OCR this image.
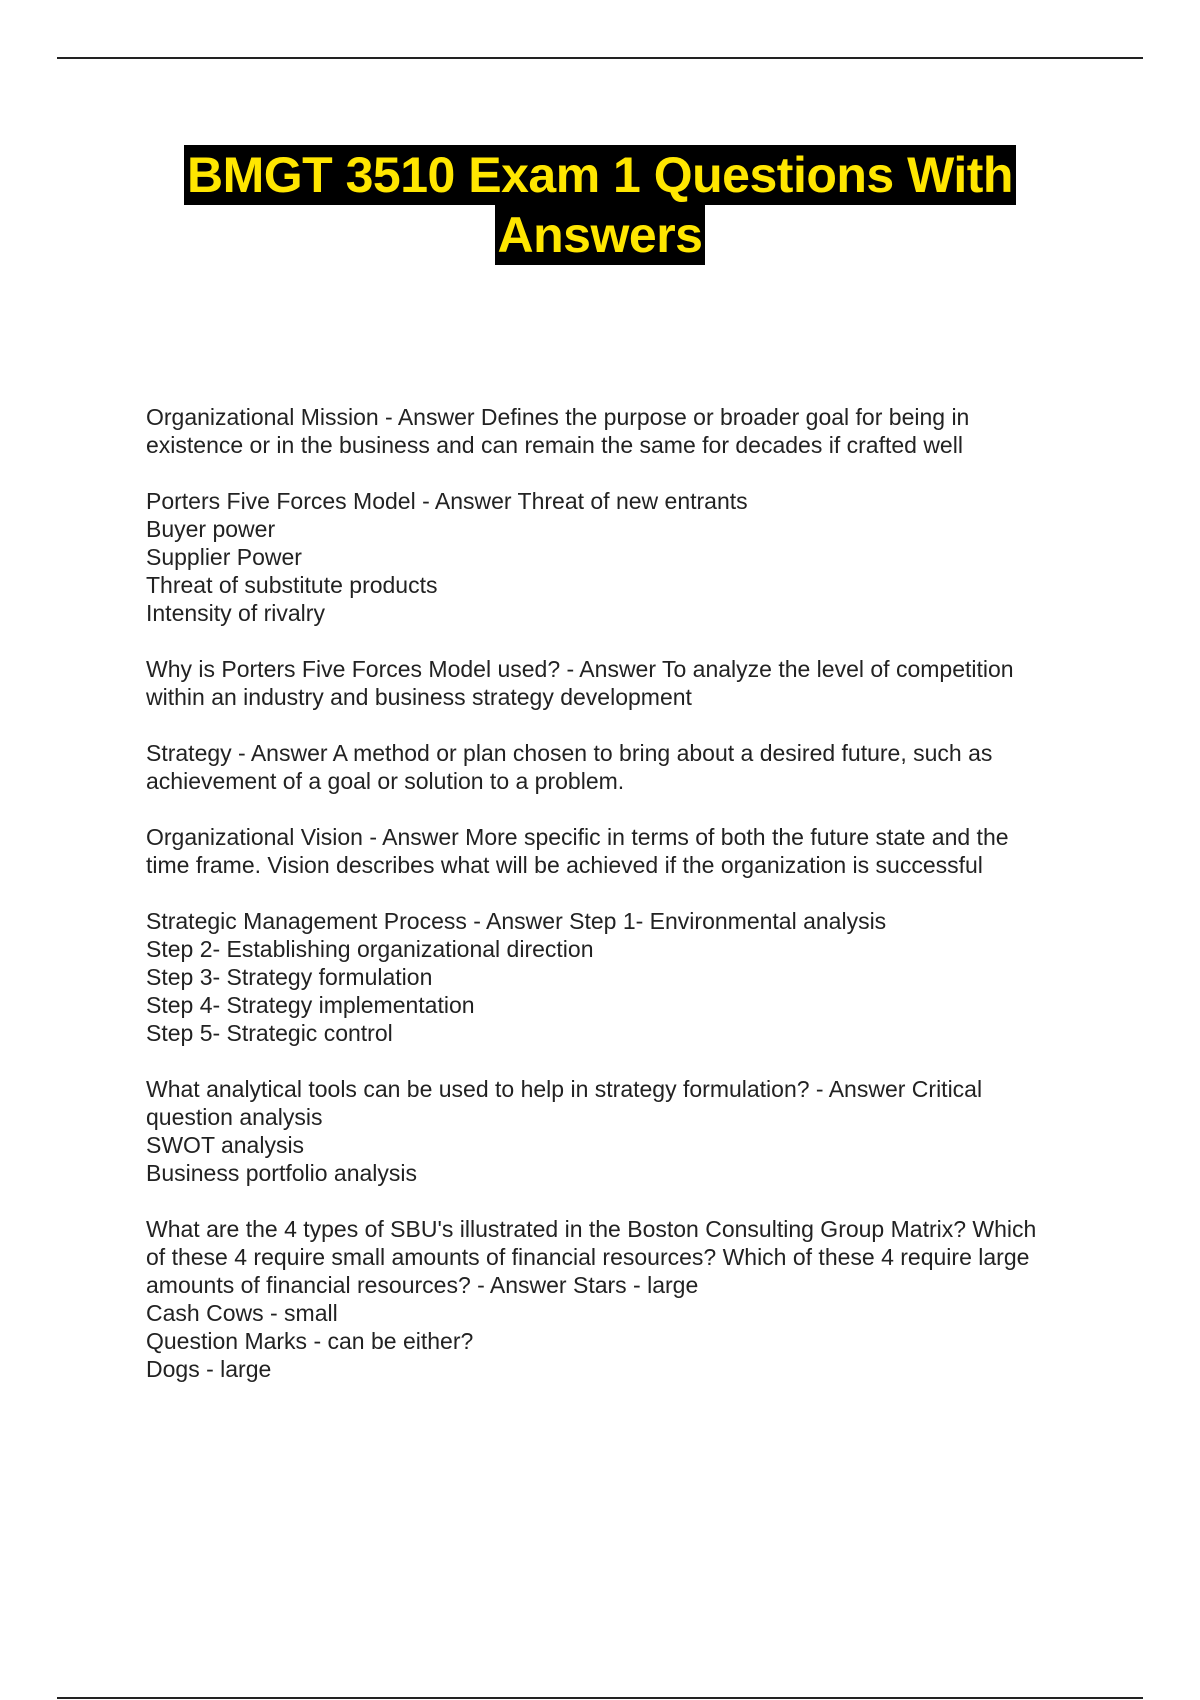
BMGT 3510 Exam 1 Questions With
Answers
Organizational Mission - Answer Defines the purpose or broader goal for being in
existence or in the business and can remain the same for decades if crafted well
Porters Five Forces Model - Answer Threat of new entrants
Buyer power
Supplier Power
Threat of substitute products
Intensity of rivalry
Why is Porters Five Forces Model used? - Answer To analyze the level of competition
within an industry and business strategy development
Strategy - Answer A method or plan chosen to bring about a desired future, such as
achievement of a goal or solution to a problem.
Organizational Vision - Answer More specific in terms of both the future state and the
time frame. Vision describes what will be achieved if the organization is successful
Strategic Management Process - Answer Step 1- Environmental analysis
Step 2- Establishing organizational direction
Step 3- Strategy formulation
Step 4- Strategy implementation
Step 5- Strategic control
What analytical tools can be used to help in strategy formulation? - Answer Critical
question analysis
SWOT analysis
Business portfolio analysis
What are the 4 types of SBU's illustrated in the Boston Consulting Group Matrix? Which
of these 4 require small amounts of financial resources? Which of these 4 require large
amounts of financial resources? - Answer Stars - large
Cash Cows - small
Question Marks - can be either?
Dogs - large
